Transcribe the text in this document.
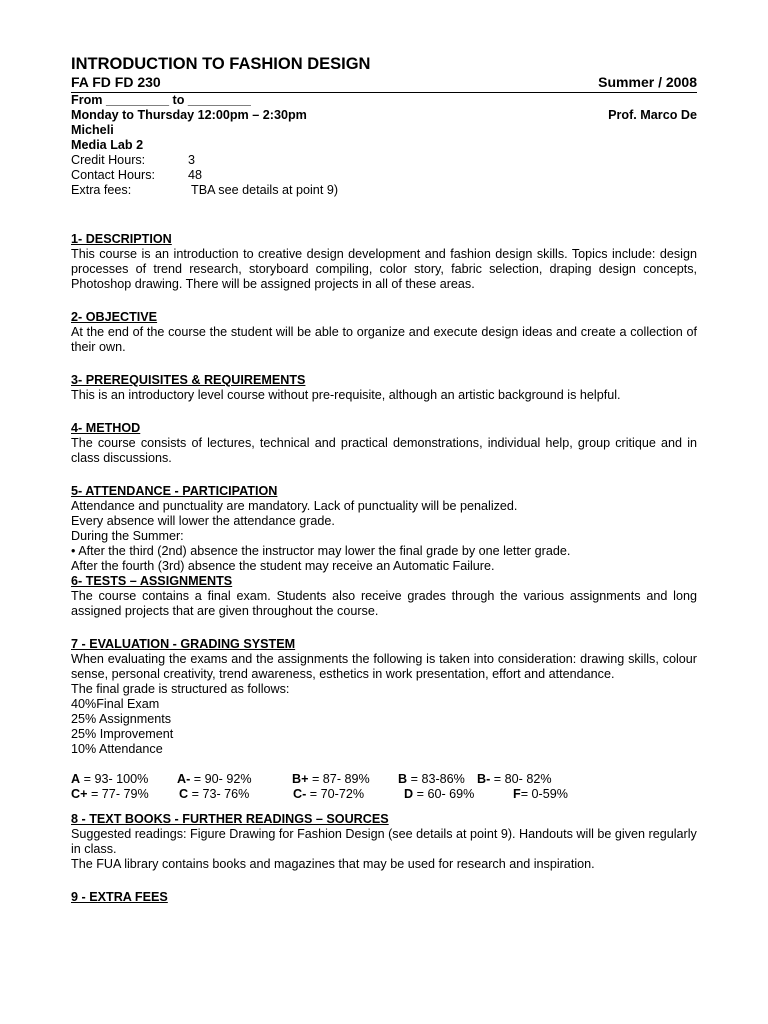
INTRODUCTION TO FASHION DESIGN
FA FD FD 230	Summer / 2008
From _________ to _________
Monday to Thursday 12:00pm – 2:30pm	Prof. Marco De
Micheli
Media Lab 2
Credit Hours:	3
Contact Hours:	48
Extra fees:	TBA see details at point 9)
1- DESCRIPTION
This course is an introduction to creative design development and fashion design skills. Topics include: design processes of trend research, storyboard compiling, color story, fabric selection, draping design concepts, Photoshop drawing. There will be assigned projects in all of these areas.
2- OBJECTIVE
At the end of the course the student will be able to organize and execute design ideas and create a collection of their own.
3- PREREQUISITES & REQUIREMENTS
This is an introductory level course without pre-requisite, although an artistic background is helpful.
4- METHOD
The course consists of lectures, technical and practical demonstrations, individual help, group critique and in class discussions.
5- ATTENDANCE - PARTICIPATION
Attendance and punctuality are mandatory. Lack of punctuality will be penalized.
Every absence will lower the attendance grade.
During the Summer:
• After the third (2nd) absence the instructor may lower the final grade by one letter grade.
After the fourth (3rd) absence the student may receive an Automatic Failure.
6- TESTS – ASSIGNMENTS
The course contains a final exam. Students also receive grades through the various assignments and long assigned projects that are given throughout the course.
7 - EVALUATION - GRADING SYSTEM
When evaluating the exams and the assignments the following is taken into consideration: drawing skills, colour sense, personal creativity, trend awareness, esthetics in work presentation, effort and attendance.
The final grade is structured as follows:
40%Final Exam
25% Assignments
25% Improvement
10% Attendance
A = 93- 100%	A- = 90- 92%	B+ = 87- 89%	B = 83-86% B- = 80- 82%
C+ = 77- 79%	C = 73- 76%	C- = 70-72%	D = 60- 69%	F= 0-59%
8 - TEXT BOOKS - FURTHER READINGS – SOURCES
Suggested readings: Figure Drawing for Fashion Design (see details at point 9). Handouts will be given regularly in class.
The FUA library contains books and magazines that may be used for research and inspiration.
9 - EXTRA FEES
